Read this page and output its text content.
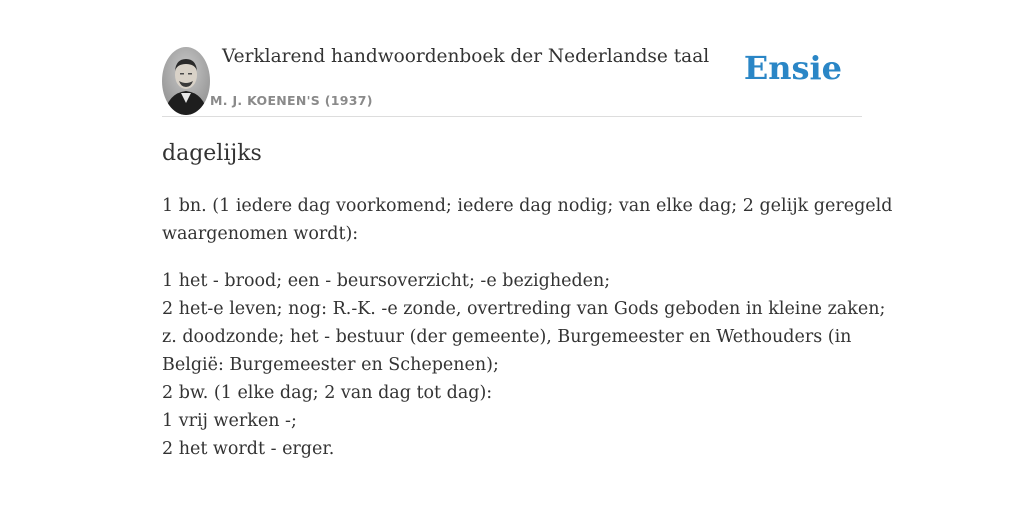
Verklarend handwoordenboek der Nederlandse taal
M. J. KOENEN'S (1937)
Ensie
dagelijks

1 bn. (1 iedere dag voorkomend; iedere dag nodig; van elke dag; 2 gelijk geregeld
waargenomen wordt):

1 het - brood; een - beursoverzicht; -e bezigheden;
2 het-e leven; nog: R.-K. -e zonde, overtreding van Gods geboden in kleine zaken;
z. doodzonde; het - bestuur (der gemeente), Burgemeester en Wethouders (in
België: Burgemeester en Schepenen);
2 bw. (1 elke dag; 2 van dag tot dag):
1 vrij werken -;
2 het wordt - erger.
